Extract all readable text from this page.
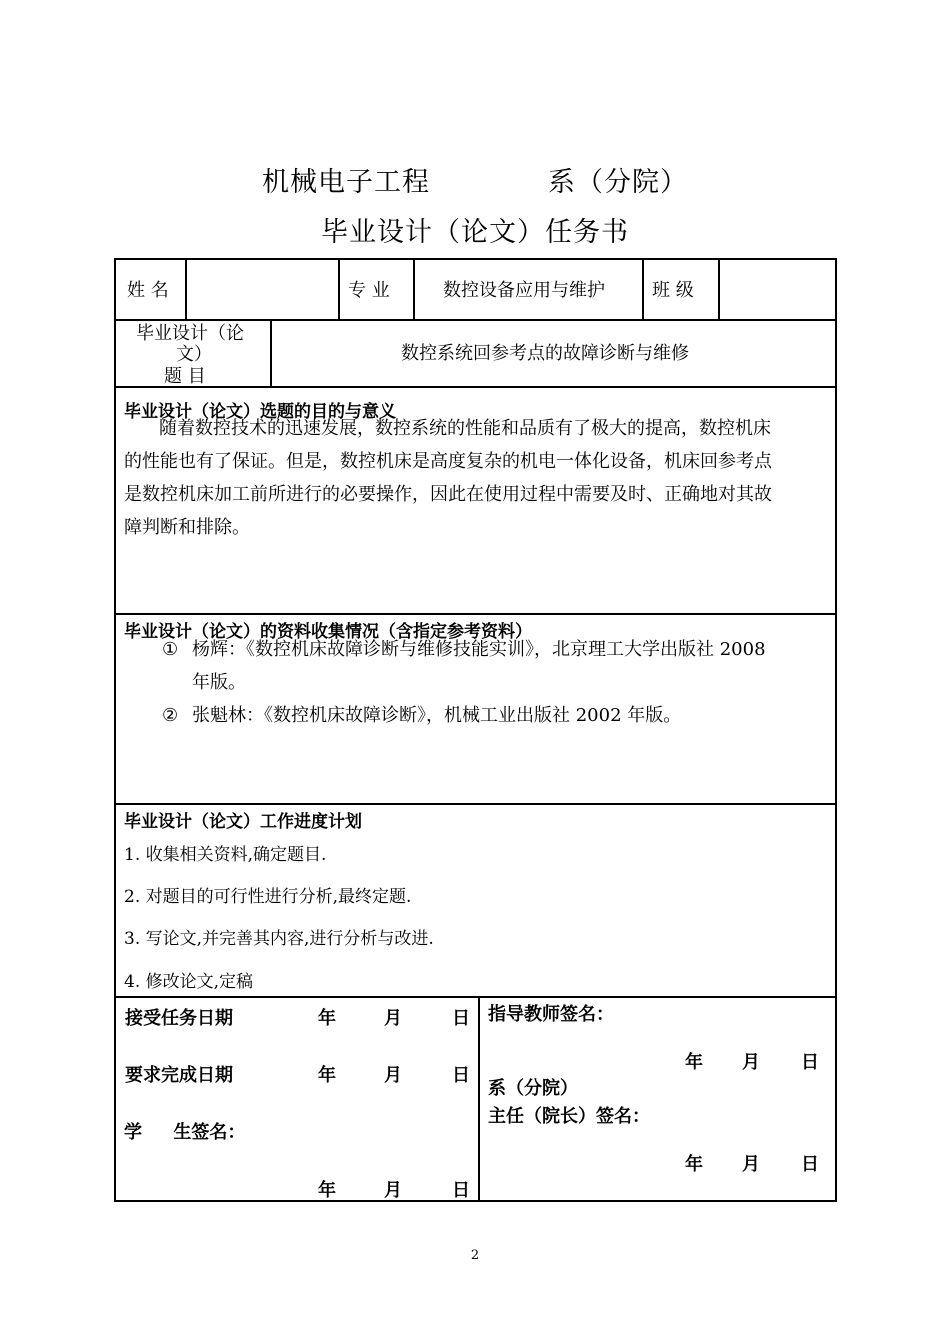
机械电子工程	系（分院）
毕业设计（论文）任务书
姓 名	专 业	数控设备应用与维护	班 级
毕业设计（论
文）
题 目
数控系统回参考点的故障诊断与维修
毕业设计（论文）选题的目的与意义
随着数控技术的迅速发展，数控系统的性能和品质有了极大的提高，数控机床
的性能也有了保证。但是，数控机床是高度复杂的机电一体化设备，机床回参考点
是数控机床加工前所进行的必要操作，因此在使用过程中需要及时、正确地对其故
障判断和排除。
毕业设计（论文）的资料收集情况（含指定参考资料）
① 杨辉：《数控机床故障诊断与维修技能实训》，北京理工大学出版社 2008
年版。
② 张魁林：《数控机床故障诊断》，机械工业出版社 2002 年版。
毕业设计（论文）工作进度计划
1. 收集相关资料,确定题目.
2. 对题目的可行性进行分析,最终定题.
3. 写论文,并完善其内容,进行分析与改进.
4. 修改论文,定稿
接受任务日期	年	月	日
要求完成日期	年	月	日
学     生签名：
年	月	日
指导教师签名：
年 月 日
系（分院）
主任（院长）签名：
年 月 日
2
